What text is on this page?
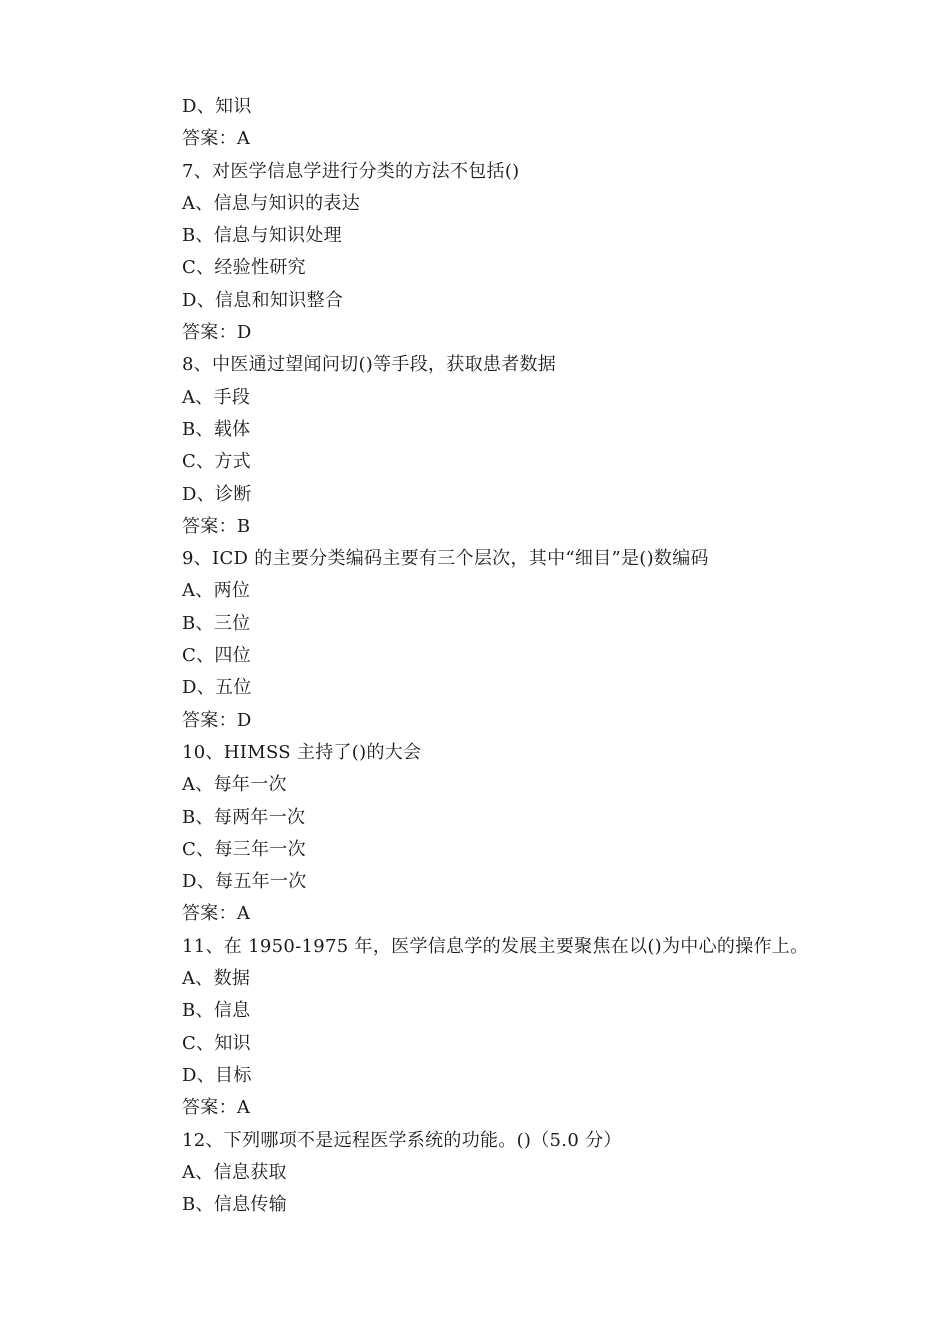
D、知识
答案：A
7、对医学信息学进行分类的方法不包括()
A、信息与知识的表达
B、信息与知识处理
C、经验性研究
D、信息和知识整合
答案：D
8、中医通过望闻问切()等手段，获取患者数据
A、手段
B、载体
C、方式
D、诊断
答案：B
9、ICD 的主要分类编码主要有三个层次，其中“细目”是()数编码
A、两位
B、三位
C、四位
D、五位
答案：D
10、HIMSS 主持了()的大会
A、每年一次
B、每两年一次
C、每三年一次
D、每五年一次
答案：A
11、在 1950-1975 年，医学信息学的发展主要聚焦在以()为中心的操作上。
A、数据
B、信息
C、知识
D、目标
答案：A
12、下列哪项不是远程医学系统的功能。()（5.0 分）
A、信息获取
B、信息传输
